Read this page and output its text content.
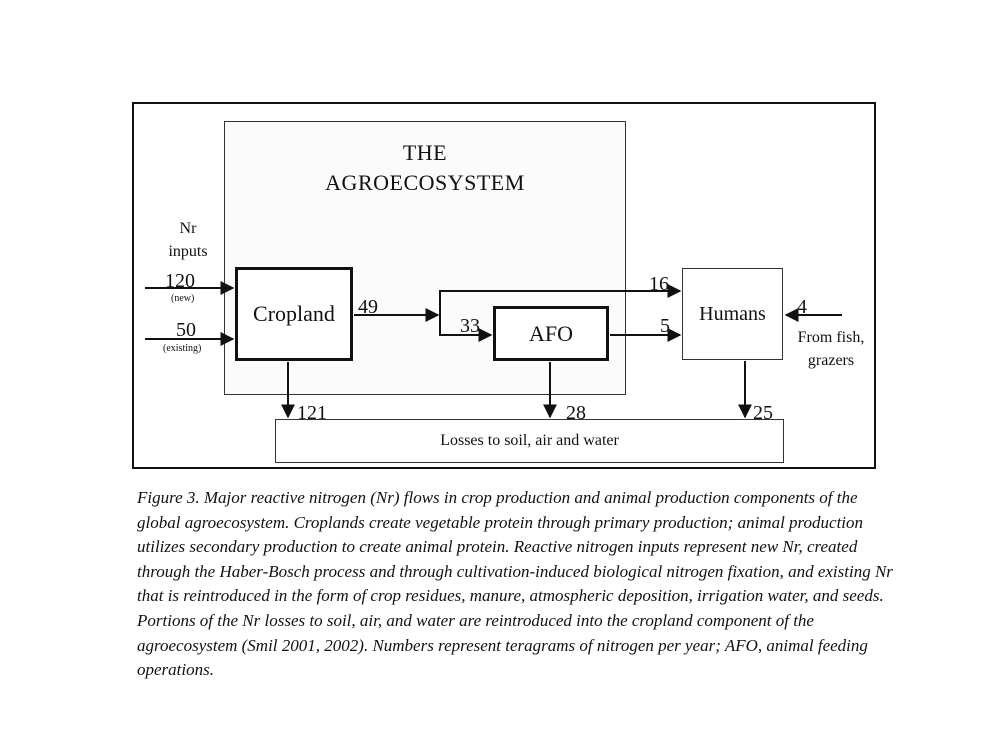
THE
AGROECOSYSTEM
Nr
inputs
120
(new)
50
(existing)
Cropland
AFO
Humans
Losses to soil, air and water
49
16
33	5
4
121	28	25
From fish,
grazers
Figure 3. Major reactive nitrogen (Nr) flows in crop production and animal production components of the global agroecosystem. Croplands create vegetable protein through primary production; animal production utilizes secondary production to create animal protein. Reactive nitrogen inputs represent new Nr, created through the Haber-Bosch process and through cultivation-induced biological nitrogen fixation, and existing Nr that is reintroduced in the form of crop residues, manure, atmospheric deposition, irrigation water, and seeds. Portions of the Nr losses to soil, air, and water are reintroduced into the cropland component of the agroecosystem (Smil 2001, 2002). Numbers represent teragrams of nitrogen per year; AFO, animal feeding operations.
